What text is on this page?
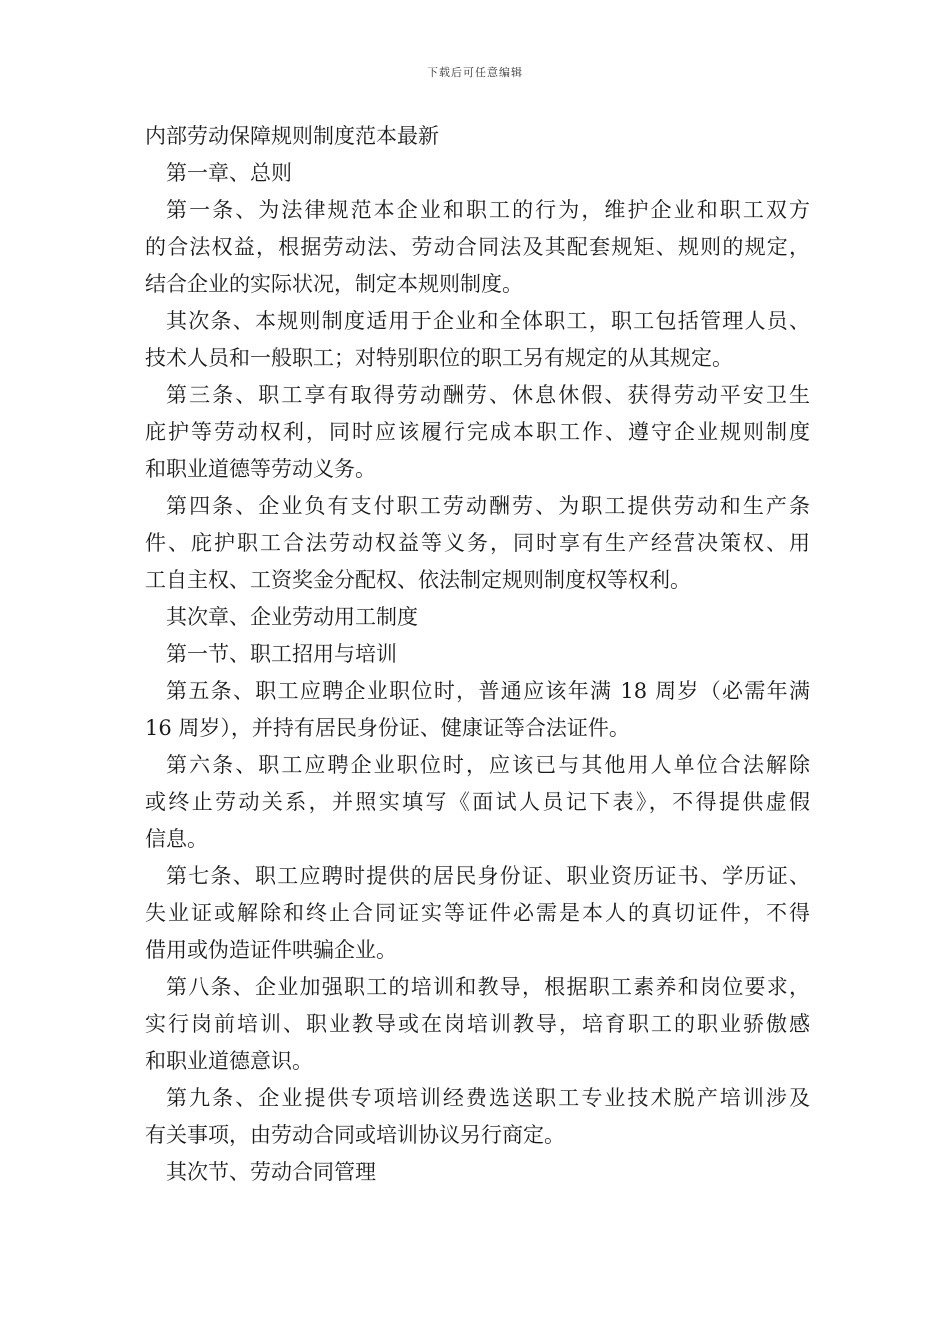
下载后可任意编辑
内部劳动保障规则制度范本最新
第一章、总则
第一条、为法律规范本企业和职工的行为，维护企业和职工双方
的合法权益，根据劳动法、劳动合同法及其配套规矩、规则的规定，
结合企业的实际状况，制定本规则制度。
其次条、本规则制度适用于企业和全体职工，职工包括管理人员、
技术人员和一般职工；对特别职位的职工另有规定的从其规定。
第三条、职工享有取得劳动酬劳、休息休假、获得劳动平安卫生
庇护等劳动权利，同时应该履行完成本职工作、遵守企业规则制度
和职业道德等劳动义务。
第四条、企业负有支付职工劳动酬劳、为职工提供劳动和生产条
件、庇护职工合法劳动权益等义务，同时享有生产经营决策权、用
工自主权、工资奖金分配权、依法制定规则制度权等权利。
其次章、企业劳动用工制度
第一节、职工招用与培训
第五条、职工应聘企业职位时，普通应该年满 18 周岁（必需年满
16 周岁），并持有居民身份证、健康证等合法证件。
第六条、职工应聘企业职位时，应该已与其他用人单位合法解除
或终止劳动关系，并照实填写《面试人员记下表》，不得提供虚假
信息。
第七条、职工应聘时提供的居民身份证、职业资历证书、学历证、
失业证或解除和终止合同证实等证件必需是本人的真切证件，不得
借用或伪造证件哄骗企业。
第八条、企业加强职工的培训和教导，根据职工素养和岗位要求，
实行岗前培训、职业教导或在岗培训教导，培育职工的职业骄傲感
和职业道德意识。
第九条、企业提供专项培训经费选送职工专业技术脱产培训涉及
有关事项，由劳动合同或培训协议另行商定。
其次节、劳动合同管理
